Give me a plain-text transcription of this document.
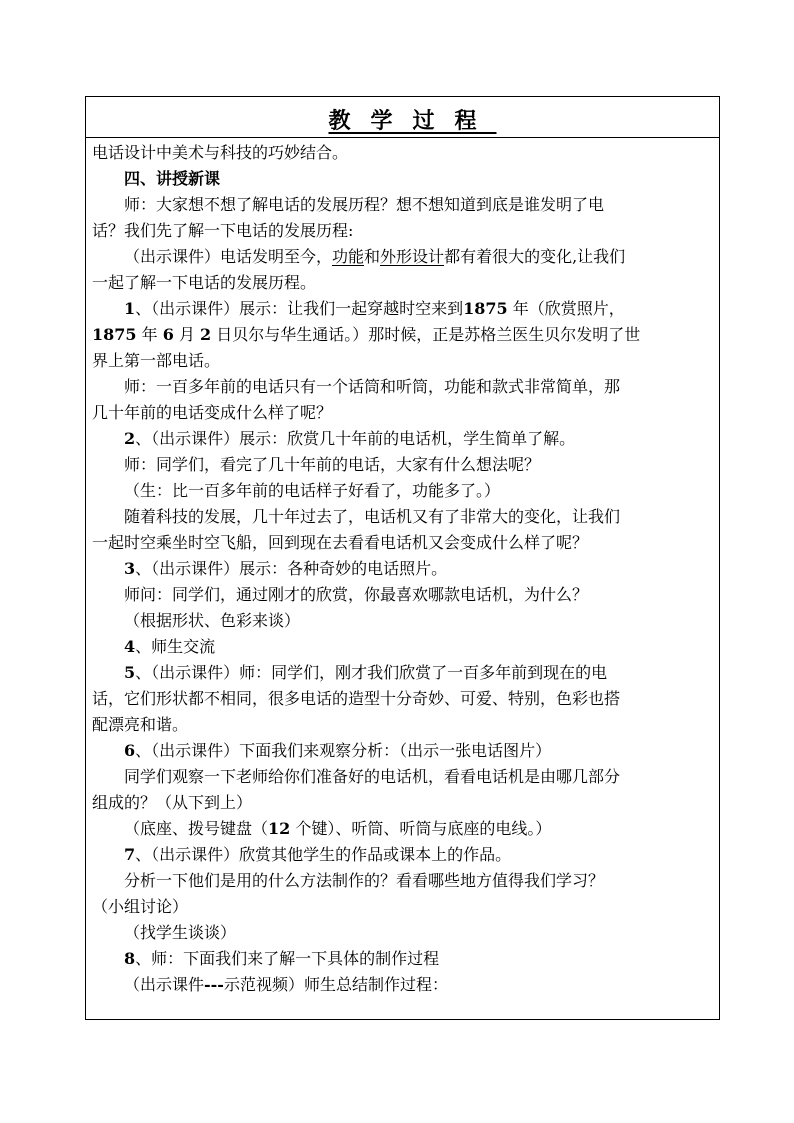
教学过程
电话设计中美术与科技的巧妙结合。
四、讲授新课
师：大家想不想了解电话的发展历程？想不想知道到底是谁发明了电
话？我们先了解一下电话的发展历程:
（出示课件）电话发明至今，功能和外形设计都有着很大的变化,让我们
一起了解一下电话的发展历程。
1、（出示课件）展示：让我们一起穿越时空来到1875 年（欣赏照片，
1875 年 6 月 2 日贝尔与华生通话。）那时候，正是苏格兰医生贝尔发明了世
界上第一部电话。
师：一百多年前的电话只有一个话筒和听筒，功能和款式非常简单，那
几十年前的电话变成什么样了呢？
2、（出示课件）展示：欣赏几十年前的电话机，学生简单了解。
师：同学们，看完了几十年前的电话，大家有什么想法呢？
（生：比一百多年前的电话样子好看了，功能多了。）
随着科技的发展，几十年过去了，电话机又有了非常大的变化，让我们
一起时空乘坐时空飞船，回到现在去看看电话机又会变成什么样了呢？
3、（出示课件）展示：各种奇妙的电话照片。
师问：同学们，通过刚才的欣赏，你最喜欢哪款电话机，为什么？
（根据形状、色彩来谈）
4、师生交流
5、（出示课件）师：同学们，刚才我们欣赏了一百多年前到现在的电
话，它们形状都不相同，很多电话的造型十分奇妙、可爱、特别，色彩也搭
配漂亮和谐。
6、（出示课件）下面我们来观察分析：（出示一张电话图片）
同学们观察一下老师给你们准备好的电话机，看看电话机是由哪几部分
组成的？（从下到上）
（底座、拨号键盘（12 个键）、听筒、听筒与底座的电线。）
7、（出示课件）欣赏其他学生的作品或课本上的作品。
分析一下他们是用的什么方法制作的？看看哪些地方值得我们学习？
（小组讨论）
（找学生谈谈）
8、师：下面我们来了解一下具体的制作过程
（出示课件---示范视频）师生总结制作过程：
